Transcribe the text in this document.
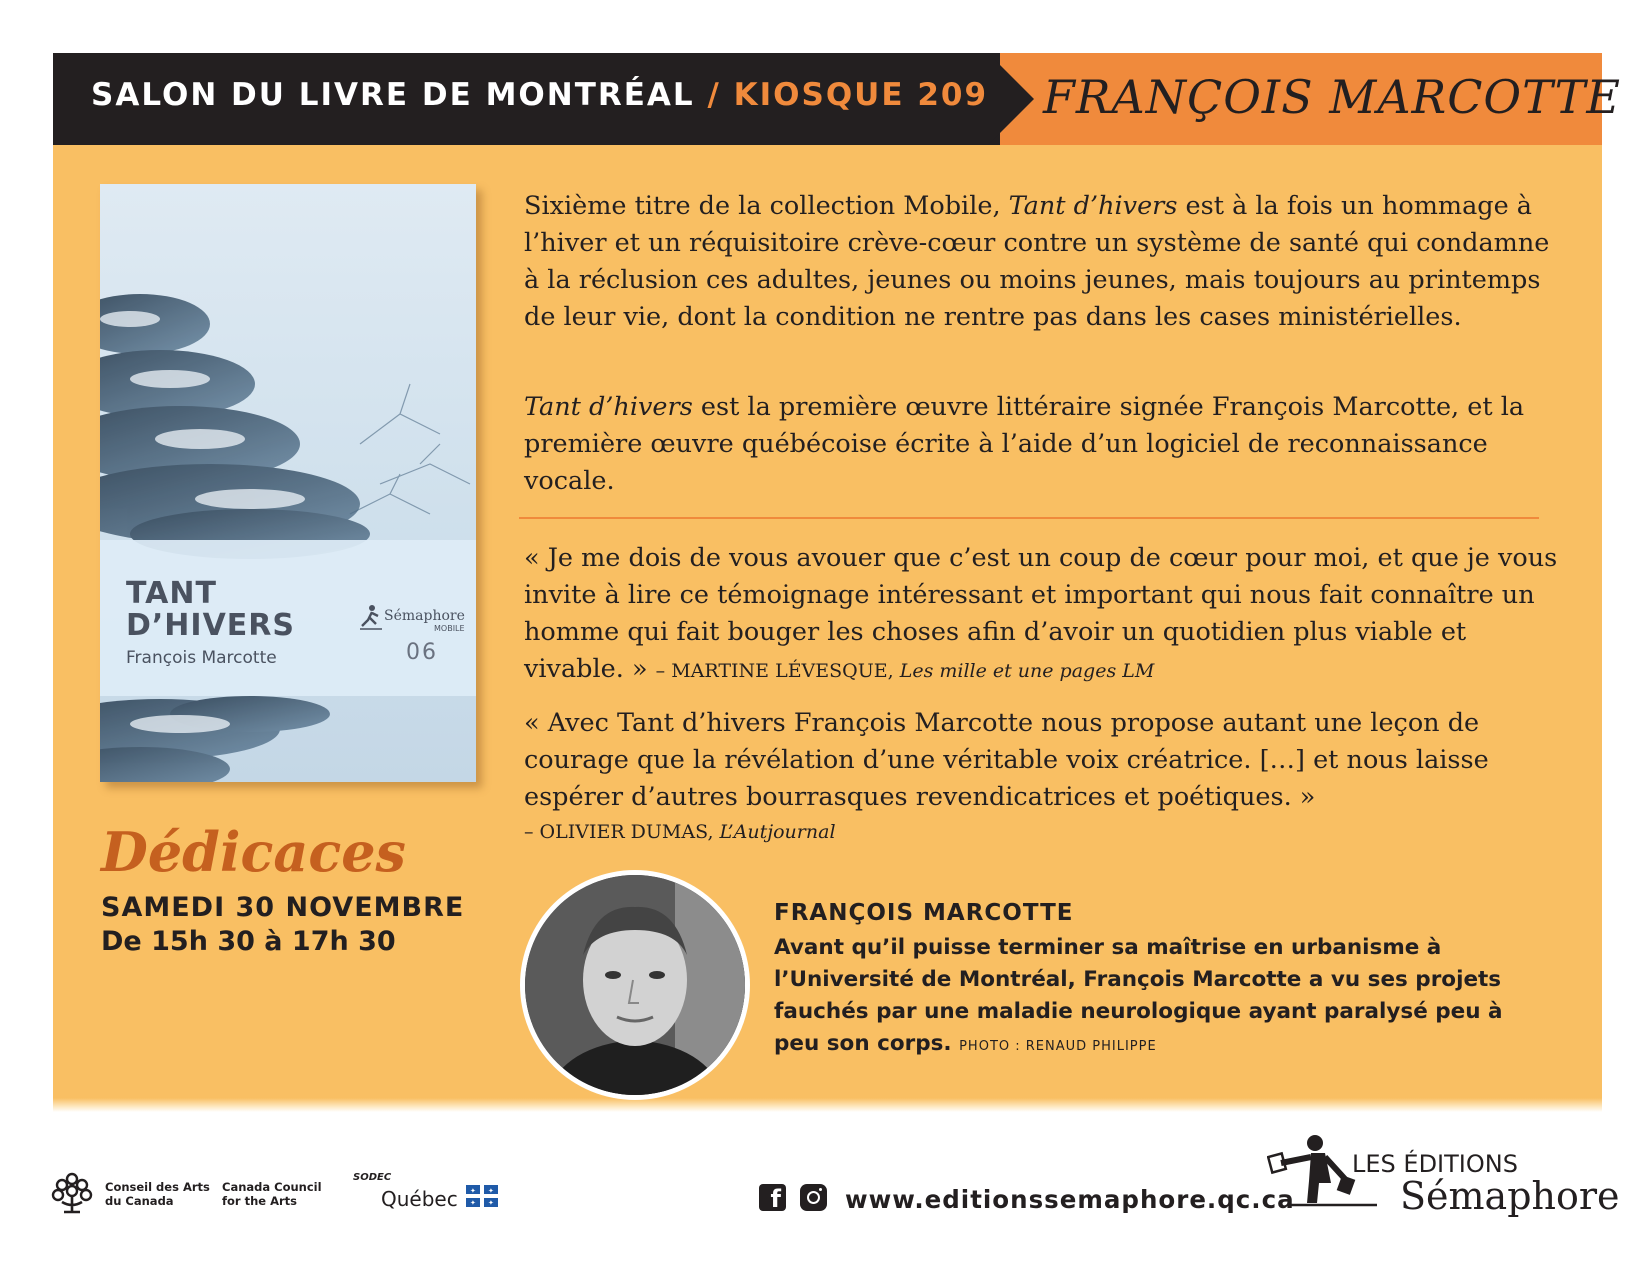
SALON DU LIVRE DE MONTRÉAL / KIOSQUE 209 FRANÇOIS MARCOTTE
TANT
D’HIVERS
François Marcotte
Sémaphore
MOBILE
06
Dédicaces
SAMEDI 30 NOVEMBRE
De 15h 30 à 17h 30

Sixième titre de la collection Mobile, Tant d’hivers est à la fois un hommage à l’hiver et un réquisitoire crève-cœur contre un système de santé qui condamne à la réclusion ces adultes, jeunes ou moins jeunes, mais toujours au printemps de leur vie, dont la condition ne rentre pas dans les cases ministérielles.

Tant d’hivers est la première œuvre littéraire signée François Marcotte, et la première œuvre québécoise écrite à l’aide d’un logiciel de reconnaissance vocale.

« Je me dois de vous avouer que c’est un coup de cœur pour moi, et que je vous invite à lire ce témoignage intéressant et important qui nous fait connaître un homme qui fait bouger les choses afin d’avoir un quotidien plus viable et vivable. » – MARTINE LÉVESQUE, Les mille et une pages LM

« Avec Tant d’hivers François Marcotte nous propose autant une leçon de courage que la révélation d’une véritable voix créatrice. […] et nous laisse espérer d’autres bourrasques revendicatrices et poétiques. »

– OLIVIER DUMAS, L’Autjournal
FRANÇOIS MARCOTTE

Avant qu’il puisse terminer sa maîtrise en urbanisme à l’Université de Montréal, François Marcotte a vu ses projets fauchés par une maladie neurologique ayant paralysé peu à peu son corps. PHOTO : RENAUD PHILIPPE

Conseil des Arts
du Canada
Canada Council
for the Arts
SODEC
Québec ✦ ✦
✦ ✦	f	www.editionssemaphore.qc.ca
LES ÉDITIONS
Sémaphore
